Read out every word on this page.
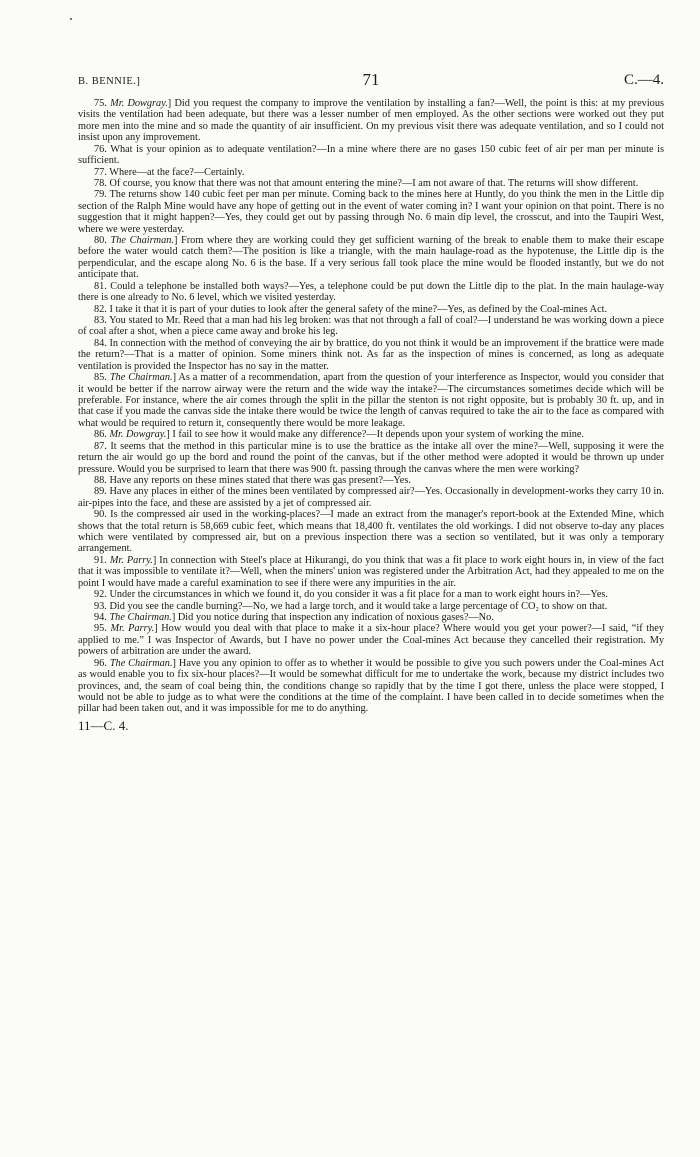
B. BENNIE.]	71	C.—4.

75. Mr. Dowgray.] Did you request the company to improve the ventilation by installing a fan?—Well, the point is this: at my previous visits the ventilation had been adequate, but there was a lesser number of men employed. As the other sections were worked out they put more men into the mine and so made the quantity of air insufficient. On my previous visit there was adequate ventilation, and so I could not insist upon any improvement.

76. What is your opinion as to adequate ventilation?—In a mine where there are no gases 150 cubic feet of air per man per minute is sufficient.

77. Where—at the face?—Certainly.

78. Of course, you know that there was not that amount entering the mine?—I am not aware of that. The returns will show different.

79. The returns show 140 cubic feet per man per minute. Coming back to the mines here at Huntly, do you think the men in the Little dip section of the Ralph Mine would have any hope of getting out in the event of water coming in? I want your opinion on that point. There is no suggestion that it might happen?—Yes, they could get out by passing through No. 6 main dip level, the crosscut, and into the Taupiri West, where we were yesterday.

80. The Chairman.] From where they are working could they get sufficient warning of the break to enable them to make their escape before the water would catch them?—The position is like a triangle, with the main haulage-road as the hypotenuse, the Little dip is the perpendicular, and the escape along No. 6 is the base. If a very serious fall took place the mine would be flooded instantly, but we do not anticipate that.

81. Could a telephone be installed both ways?—Yes, a telephone could be put down the Little dip to the plat. In the main haulage-way there is one already to No. 6 level, which we visited yesterday.

82. I take it that it is part of your duties to look after the general safety of the mine?—Yes, as defined by the Coal-mines Act.

83. You stated to Mr. Reed that a man had his leg broken: was that not through a fall of coal?—I understand he was working down a piece of coal after a shot, when a piece came away and broke his leg.

84. In connection with the method of conveying the air by brattice, do you not think it would be an improvement if the brattice were made the return?—That is a matter of opinion. Some miners think not. As far as the inspection of mines is concerned, as long as adequate ventilation is provided the Inspector has no say in the matter.

85. The Chairman.] As a matter of a recommendation, apart from the question of your interference as Inspector, would you consider that it would be better if the narrow airway were the return and the wide way the intake?—The circumstances sometimes decide which will be preferable. For instance, where the air comes through the split in the pillar the stenton is not right opposite, but is probably 30 ft. up, and in that case if you made the canvas side the intake there would be twice the length of canvas required to take the air to the face as compared with what would be required to return it, consequently there would be more leakage.

86. Mr. Dowgray.] I fail to see how it would make any difference?—It depends upon your system of working the mine.

87. It seems that the method in this particular mine is to use the brattice as the intake all over the mine?—Well, supposing it were the return the air would go up the bord and round the point of the canvas, but if the other method were adopted it would be thrown up under pressure. Would you be surprised to learn that there was 900 ft. passing through the canvas where the men were working?

88. Have any reports on these mines stated that there was gas present?—Yes.

89. Have any places in either of the mines been ventilated by compressed air?—Yes. Occasionally in development-works they carry 10 in. air-pipes into the face, and these are assisted by a jet of compressed air.

90. Is the compressed air used in the working-places?—I made an extract from the manager's report-book at the Extended Mine, which shows that the total return is 58,669 cubic feet, which means that 18,400 ft. ventilates the old workings. I did not observe to-day any places which were ventilated by compressed air, but on a previous inspection there was a section so ventilated, but it was only a temporary arrangement.

91. Mr. Parry.] In connection with Steel's place at Hikurangi, do you think that was a fit place to work eight hours in, in view of the fact that it was impossible to ventilate it?—Well, when the miners' union was registered under the Arbitration Act, had they appealed to me on the point I would have made a careful examination to see if there were any impurities in the air.

92. Under the circumstances in which we found it, do you consider it was a fit place for a man to work eight hours in?—Yes.

93. Did you see the candle burning?—No, we had a large torch, and it would take a large percentage of CO₂ to show on that.

94. The Chairman.] Did you notice during that inspection any indication of noxious gases?—No.

95. Mr. Parry.] How would you deal with that place to make it a six-hour place? Where would you get your power?—I said, “if they applied to me.” I was Inspector of Awards, but I have no power under the Coal-mines Act because they cancelled their registration. My powers of arbitration are under the award.

96. The Chairman.] Have you any opinion to offer as to whether it would be possible to give you such powers under the Coal-mines Act as would enable you to fix six-hour places?—It would be somewhat difficult for me to undertake the work, because my district includes two provinces, and, the seam of coal being thin, the conditions change so rapidly that by the time I got there, unless the place were stopped, I would not be able to judge as to what were the conditions at the time of the complaint. I have been called in to decide sometimes when the pillar had been taken out, and it was impossible for me to do anything.

11—C. 4.
